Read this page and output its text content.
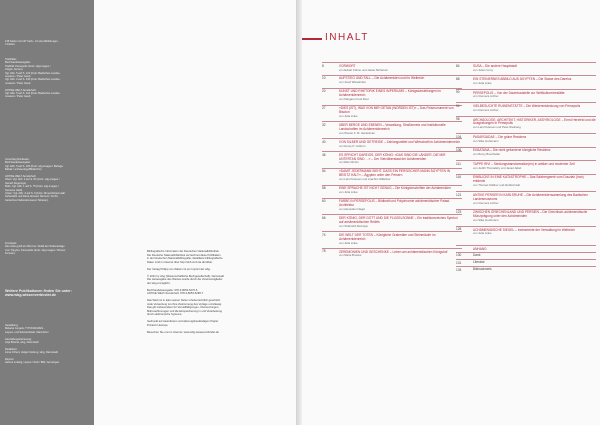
136 Seiten mit 127 Farb-, 13 s/w-Abbildungen,
4 Karten
Titelbilder:
Buchhandelsausgabe:
Titelbild: Persepolis (Foto: sdg-images /
Jürgen Jenner).
Vgl. Abb. 5 auf S. 122 (Foto: Badisches Landes-
museum / Peter Gaul).
Vgl. Abb. 3 auf S. 130 (Foto: Badisches Landes-
museum / Peter Gaul).

ANTIKE WELT-Sonderheft:
Vgl. Abb. 5 auf S. 122 (Foto: Badisches Landes-
museum / Peter Gaul).
Umschlag Rückseite:
Buchhandelsausgabe:
Vgl. Abb. 5 auf S. 105 (Foto: sdg-images / Bahaga
Babak / archaeology/Bildarchiv).

ANTIKE WELT-Sonderheft:
Oben: Vgl. Abb. 2 auf S. 80 (Foto: sdg-images /
Gerard Degeorge).
Mitte: Vgl. Abb. 1 auf S. 75 (Foto: sdg-images /
Suzanne Held).
Unten: Vgl. Abb. 2 auf S. 9 (Foto: Nima Mohammadi
Fahandehi und Reza Hossein Nerouzi / Archiv
Iranisches Nationalmuseum Teheran).
Frontispiz:
Die Löwe greift ein Rind an. Detail der Stufenanlage
zum Tripylon, Persepolis (Foto: sdg-images / Werner
Forman).
Weitere Publikationen finden Sie unter:
www.wbg-wissenverbindet.de
Gestaltung:
Melanie Jungels, TYPOGRAFEN -
Layout- und Satzwerkstatt, Mannheim

Herstellungsbetreuung:
Anja Büstrel, wbg, Darmstadt

Redaktion:
Anna Ochert, Holger Kieburg, wbg, Darmstadt

Repros:
Helmut Ludwig, Layout / Satz / Bild, Gensingen
Bibliografische Information der Deutschen Nationalbibliothek
Die Deutsche Nationalbibliothek verzeichnet diese Publikation
in der Deutschen Nationalbibliografie; detaillierte bibliografische
Daten sind im Internet über http://dnb.d-nb.de abrufbar.

Der Verlag Philipp von Zabern ist ein Imprint der wbg.

© 2021 by wbg (Wissenschaftliche Buchgesellschaft), Darmstadt
Die Herausgabe des Werkes wurde durch die Vereinsmitglieder
der wbg ermöglicht.

Buchhandelsausgabe: 978-3-8053-5276-5
ANTIKE WELT-Sonderheft: 978-3-8053-5298-7

Das Werk ist in allen seinen Teilen urheberrechtlich geschützt.
Jede Verwertung ist ohne Zustimmung des Verlags unzulässig.
Das gilt insbesondere für Vervielfältigungen, Übersetzungen,
Mikroverfilmungen und die Einspeicherung in und Verarbeitung
durch elektronische Systeme.

Gedruckt auf säurefreiem und alterungsbeständigem Papier
Printed in Europe

Besuchen Sie uns im Internet: www.wbg-wissenverbindet.de
INHALT
8	VORWORT
von Eckart Köhne und Jeksei Richarotz
10	AUFSTIEG UND FALL – Die Achämeniden und ihr Weltreich
von Josef Wiesehöfer
20	KUNST UND RHETORIK EINES IMPERIUMS – Königsdarstellungen im Achämenidenreich
von Margaret Cool Root
27	»DIES (IST), WAS VON MIR GETAN (WORDEN IST)« – Das Felsmonument von Bisotun
von Julia Linke
32	ÜBER BERGE UND EBENEN – Verwaltung, Straßennetz und institutionelle Landschaften im Achämenidenreich
von Wouter F. M. Henkelman
40	VON SILBER UND GETREIDE – Zahlungsmittel und Wirtschaft im Achämenidenreich
von Henry P. Colburn
46	ES SPRICHT DAREIOS, DER KÖNIG: »DAS SIND DIE LÄNDER, DIE MIR UNTERTAN SIND …« – Der Vielvölkerstaat der Achämeniden
von Ellen Rehm
54	»DAMIT JEDERMANN SIEHT, DASS EIN PERSISCHER MANN ÄGYPTEN IN BESITZ HÄLT« – Ägypten unter den Persern
von Lars Petersen und Joachim Willeitner
58	EINE SPRACHE IST NICHT GENUG – Die Königsinschriften der Achämeniden
von Julia Linke
60	FARBE IN PERSEPOLIS – Bildkraft und Polychromie achämenidischer Palast-Architektur
von Alexander Nagel
66	DER KÖNIG, DER GOTT UND DIE FLÜGELSONNE – Ein traditionsreiches Symbol auf achämenidischen Reliefs
von Shahrokh Razmjou
74	DIE WELT DER TOTEN – Königliche Grabmäler und Steinmäuler im Achämenidenreich
von Julia Linke
78	ZEREMONIEN UND GESCHENKE – Leben am achämenidischen Königshof
von Maria Brosius
84	SUSA – Die andere Hauptstadt
von Julien Cuny
88	EIN STEINERNES ABBILD AUS ÄGYPTEN – Die Statue des Dareios
von Julia Linke
90	PERSEPOLIS – Von der Dauerbaustelle zur Weltkulturerbestätte
von Clemens Lichter
94	VIELBESUCHTE RUINENSTÄTTE – Die Wiederentdeckung von Persepolis
von Clemens Lichter
98	ARCHÄOLOGE, ARCHITEKT, HISTORIKER, ASSYRIOLOGE – Ernst Herzfeld und die Ausgrabungen in Persepolis
von Lars Petersen und Peter Rauhang
104	PASARGADAE – Die grüne Residenz
von Silke Hockmann
106	EKBATANA – Die nicht gefundene königliche Residenz
von Rémy Boucharlat
111	TAPPE RIVI – Siedlungstransformation(en) in antiker und moderner Zeit
von Judith Thomalsky und Javad Jafari
116	EINBLICKE IN EINE KATASTROPHE – Das Salzbergwerk vom Douzlah (Iran) entdeckt
von Thomas Stöllner und Abolfazl Aali
121	ANTIKE PERSER IN KARLSRUHE – Die Achämenidensammlung des Badischen Landesmuseums
von Clemens Lichter
123	ZWISCHEN GRIECHENLAND UND PERSIEN – Die Griechisch-achämenidische Münzprägung unter den Achämeniden
von Silke Hockmann
128	ACHÄMENIDISCHE SIEGEL – Instrumente der Verwaltung im Weltreich
von Julia Linke
ANHANG
130	Dank
131	Literatur
133	Bildnachweis
